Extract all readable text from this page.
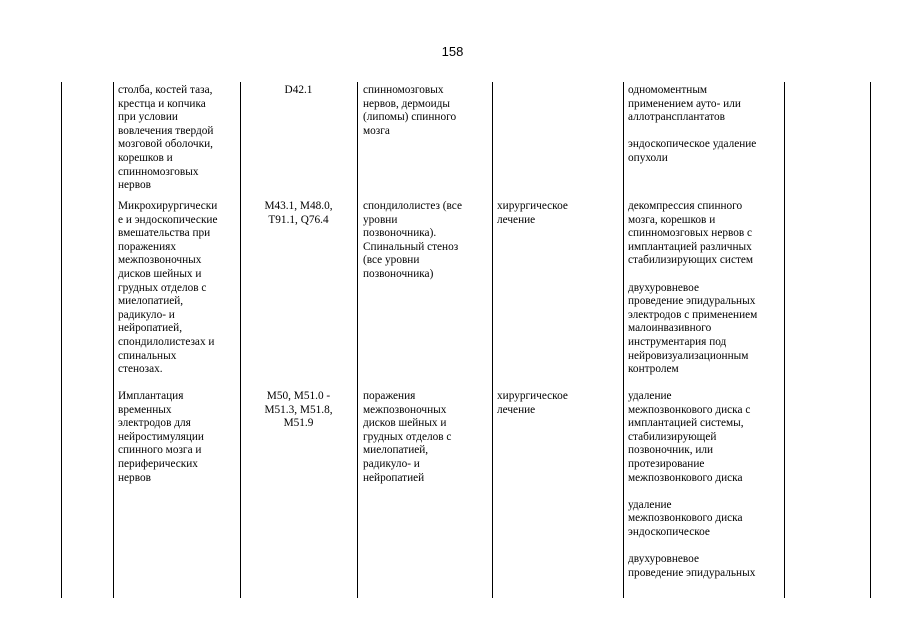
158
столба, костей таза,
крестца и копчика
при условии
вовлечения твердой
мозговой оболочки,
корешков и
спинномозговых
нервов
D42.1	спинномозговых
нервов, дермоиды
(липомы) спинного
мозга
одномоментным
применением ауто- или
аллотрансплантатов
эндоскопическое удаление
опухоли
Микрохирургически
е и эндоскопические
вмешательства при
поражениях
межпозвоночных
дисков шейных и
грудных отделов с
миелопатией,
радикуло- и
нейропатией,
спондилолистезах и
спинальных
стенозах.
M43.1, M48.0,
T91.1, Q76.4
спондилолистез (все
уровни
позвоночника).
Спинальный стеноз
(все уровни
позвоночника)
хирургическое
лечение
декомпрессия спинного
мозга, корешков и
спинномозговых нервов с
имплантацией различных
стабилизирующих систем
двухуровневое
проведение эпидуральных
электродов с применением
малоинвазивного
инструментария под
нейровизуализационным
контролем
Имплантация
временных
электродов для
нейростимуляции
спинного мозга и
периферических
нервов
M50, M51.0 -
M51.3, M51.8,
M51.9
поражения
межпозвоночных
дисков шейных и
грудных отделов с
миелопатией,
радикуло- и
нейропатией
хирургическое
лечение
удаление
межпозвонкового диска с
имплантацией системы,
стабилизирующей
позвоночник, или
протезирование
межпозвонкового диска
удаление
межпозвонкового диска
эндоскопическое
двухуровневое
проведение эпидуральных
